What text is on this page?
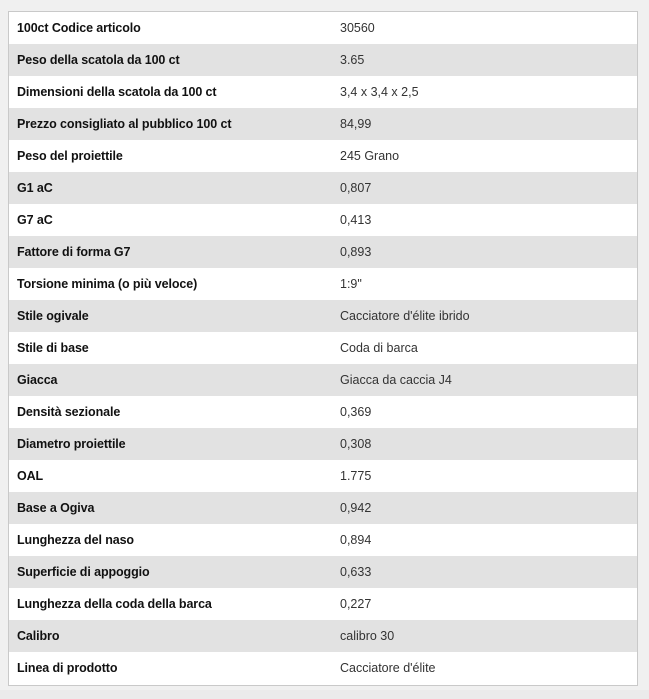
100ct Codice articolo	30560
Peso della scatola da 100 ct	3.65
Dimensioni della scatola da 100 ct	3,4 x 3,4 x 2,5
Prezzo consigliato al pubblico 100 ct	84,99
Peso del proiettile	245 Grano
G1 aC	0,807
G7 aC	0,413
Fattore di forma G7	0,893
Torsione minima (o più veloce)	1:9"
Stile ogivale	Cacciatore d'élite ibrido
Stile di base	Coda di barca
Giacca	Giacca da caccia J4
Densità sezionale	0,369
Diametro proiettile	0,308
OAL	1.775
Base a Ogiva	0,942
Lunghezza del naso	0,894
Superficie di appoggio	0,633
Lunghezza della coda della barca	0,227
Calibro	calibro 30
Linea di prodotto	Cacciatore d'élite
